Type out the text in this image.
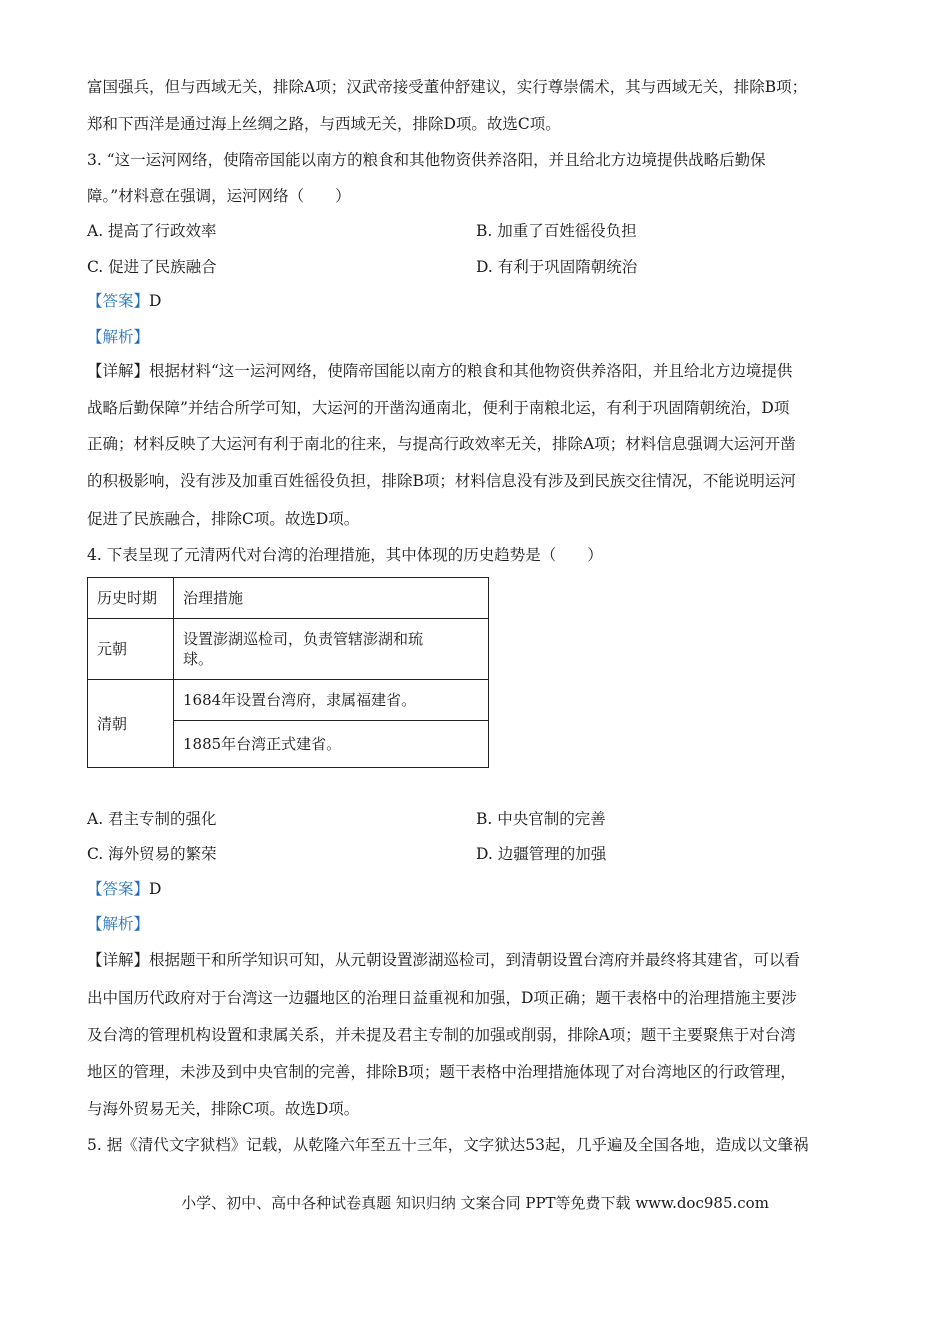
富国强兵，但与西域无关，排除A项；汉武帝接受董仲舒建议，实行尊崇儒术，其与西域无关，排除B项；
郑和下西洋是通过海上丝绸之路，与西域无关，排除D项。故选C项。
3. “这一运河网络，使隋帝国能以南方的粮食和其他物资供养洛阳，并且给北方边境提供战略后勤保
障。”材料意在强调，运河网络（　　）
A. 提高了行政效率	B. 加重了百姓徭役负担
C. 促进了民族融合	D. 有利于巩固隋朝统治
【答案】D
【解析】
【详解】根据材料“这一运河网络，使隋帝国能以南方的粮食和其他物资供养洛阳，并且给北方边境提供
战略后勤保障”并结合所学可知，大运河的开凿沟通南北，便利于南粮北运，有利于巩固隋朝统治，D项
正确；材料反映了大运河有利于南北的往来，与提高行政效率无关，排除A项；材料信息强调大运河开凿
的积极影响，没有涉及加重百姓徭役负担，排除B项；材料信息没有涉及到民族交往情况，不能说明运河
促进了民族融合，排除C项。故选D项。
4. 下表呈现了元清两代对台湾的治理措施，其中体现的历史趋势是（　　）
历史时期	治理措施
元朝	设置澎湖巡检司，负责管辖澎湖和琉
球。

清朝	1684年设置台湾府，隶属福建省。
	1885年台湾正式建省。
A. 君主专制的强化	B. 中央官制的完善
C. 海外贸易的繁荣	D. 边疆管理的加强
【答案】D
【解析】
【详解】根据题干和所学知识可知，从元朝设置澎湖巡检司，到清朝设置台湾府并最终将其建省，可以看
出中国历代政府对于台湾这一边疆地区的治理日益重视和加强，D项正确；题干表格中的治理措施主要涉
及台湾的管理机构设置和隶属关系，并未提及君主专制的加强或削弱，排除A项；题干主要聚焦于对台湾
地区的管理，未涉及到中央官制的完善，排除B项；题干表格中治理措施体现了对台湾地区的行政管理，
与海外贸易无关，排除C项。故选D项。
5. 据《清代文字狱档》记载，从乾隆六年至五十三年，文字狱达53起，几乎遍及全国各地，造成以文肇祸
小学、初中、高中各种试卷真题 知识归纳 文案合同 PPT等免费下载 www.doc985.com
